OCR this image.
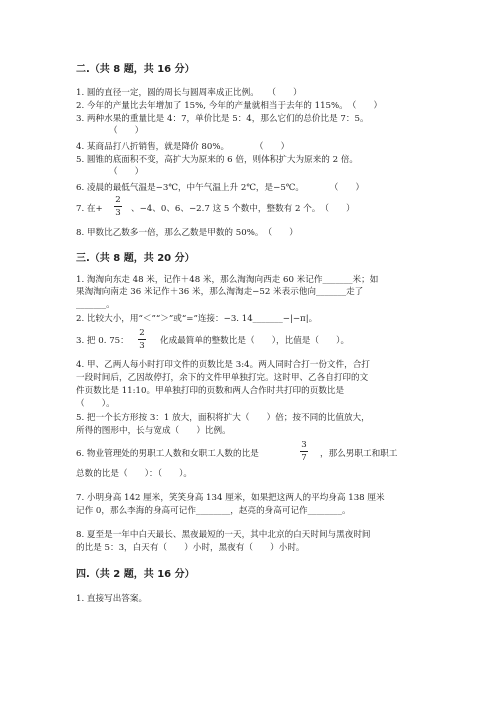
二.（共 8 题，共 16 分）
1. 圆的直径一定，圆的周长与圆周率成正比例。　　（　　）
2. 今年的产量比去年增加了 15%, 今年的产量就相当于去年的 115%。　（　　）
3. 两种水果的重量比是 4：7，单价比是 5：4，那么它们的总价比是 7：5。
（　　）
4. 某商品打八折销售，就是降价 80%。　　　　（　　）
5. 圆锥的底面积不变，高扩大为原来的 6 倍，则体积扩大为原来的 2 倍。
（　　）
6. 凌晨的最低气温是−3℃，中午气温上升 2℃，是−5℃。　　　　（　　）
7. 在+
2
3 、−4、0、6、−2.7 这 5 个数中，整数有 2 个。　（　　）
8. 甲数比乙数多一倍，那么乙数是甲数的 50%。　（　　）
三.（共 8 题，共 20 分）
1. 淘淘向东走 48 米，记作＋48 米，那么淘淘向西走 60 米记作_______米；如
果淘淘向南走 36 米记作＋36 米，那么淘淘走−52 米表示他向_______走了
_______。
2. 比较大小，用“＜”“＞”或“=”连接：−3. 14_______−|−π|。
3. 把 0. 75：
2
3 化成最简单的整数比是（　　），比值是（　　）。
4. 甲、乙两人每小时打印文件的页数比是 3:4。两人同时合打一份文件，合打
一段时间后，乙因故停打，余下的文件甲单独打完。这时甲、乙各自打印的文
件页数比是 11:10。甲单独打印的页数和两人合作时共打印的页数比是
（　　）。
5. 把一个长方形按 3：1 放大，面积将扩大（　　）倍；按不同的比值放大，
所得的图形中，长与宽成（　　）比例。
6. 物业管理处的男职工人数和女职工人数的比是
3
7 ，那么男职工和职工
总数的比是（　　）：（　　）。
7. 小明身高 142 厘米，笑笑身高 134 厘米，如果把这两人的平均身高 138 厘米
记作 0，那么李海的身高可记作________，赵亮的身高可记作________。
8. 夏至是一年中白天最长、黑夜最短的一天，其中北京的白天时间与黑夜时间
的比是 5：3，白天有（　　）小时，黑夜有（　　）小时。
四.（共 2 题，共 16 分）
1. 直接写出答案。
